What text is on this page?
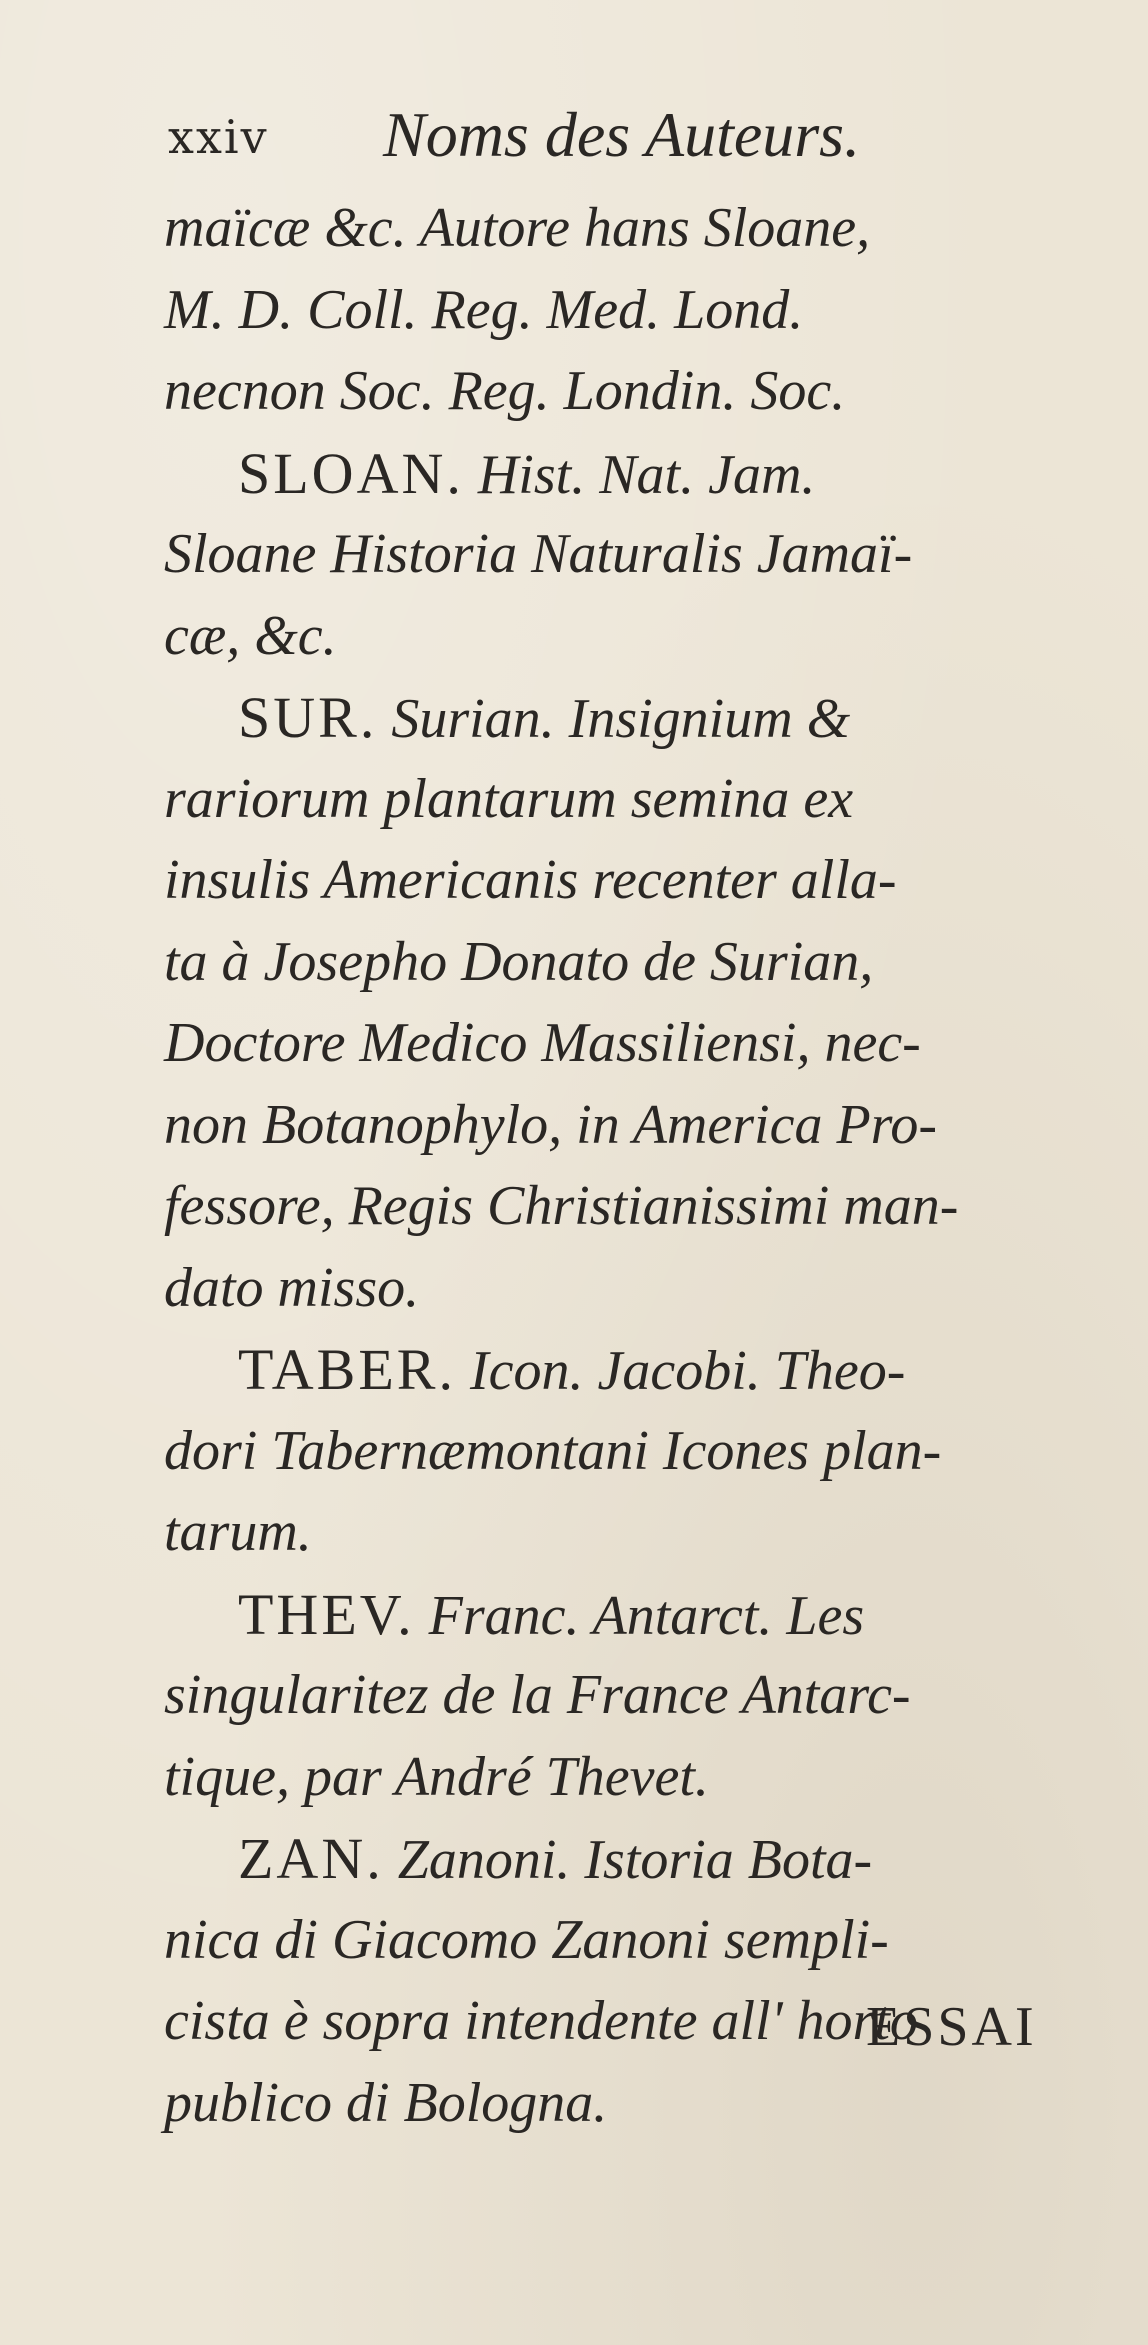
xxiv Noms des Auteurs.
maïcæ &c. Autore hans Sloane,
M. D. Coll. Reg. Med. Lond.
necnon Soc. Reg. Londin. Soc.
SLOAN. Hist. Nat. Jam.
Sloane Historia Naturalis Jamaï-
cæ, &c.
SUR. Surian. Insignium &
rariorum plantarum semina ex
insulis Americanis recenter alla-
ta à Josepho Donato de Surian,
Doctore Medico Massiliensi, nec-
non Botanophylo, in America Pro-
fessore, Regis Christianissimi man-
dato misso.
TABER. Icon. Jacobi. Theo-
dori Tabernæmontani Icones plan-
tarum.
THEV. Franc. Antarct. Les
singularitez de la France Antarc-
tique, par André Thevet.
ZAN. Zanoni. Istoria Bota-
nica di Giacomo Zanoni sempli-
cista è sopra intendente all' horto
publico di Bologna.
ESSAI
